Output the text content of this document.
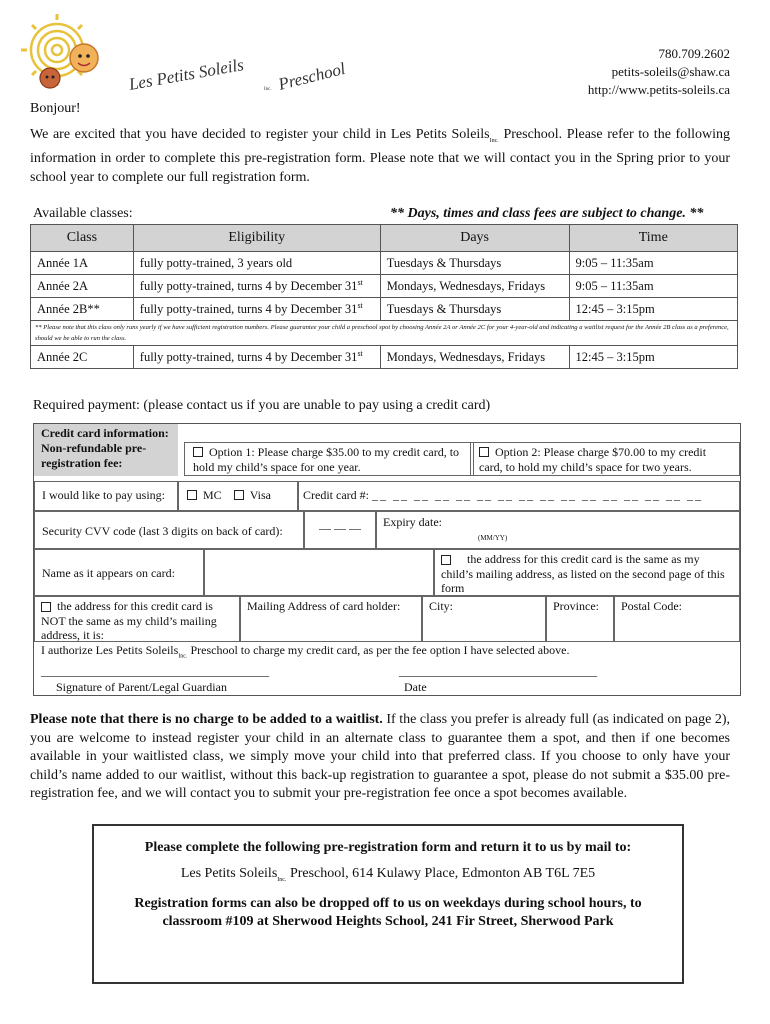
Les Petits Soleils	Inc. Preschool
780.709.2602
petits-soleils@shaw.ca
http://www.petits-soleils.ca
Bonjour!
We are excited that you have decided to register your child in Les Petits Soleils$_{Inc.}$ Preschool. Please refer to the following information in order to complete this pre-registration form. Please note that we will contact you in the Spring prior to your school year to complete our full registration form.
Available classes:	** Days, times and class fees are subject to change. **
Class	Eligibility	Days	Time
Année 1A	fully potty-trained, 3 years old	Tuesdays & Thursdays	9:05 – 11:35am
Année 2A	fully potty-trained, turns 4 by December 31st	Mondays, Wednesdays, Fridays	9:05 – 11:35am
Année 2B**	fully potty-trained, turns 4 by December 31st	Tuesdays & Thursdays	12:45 – 3:15pm
** Please note that this class only runs yearly if we have sufficient registration numbers. Please guarantee your child a preschool spot by choosing Année 2A or Année 2C for your 4-year-old and indicating a waitlist request for the Année 2B class as a preference, should we be able to run the class.			
Année 2C	fully potty-trained, turns 4 by December 31st	Mondays, Wednesdays, Fridays	12:45 – 3:15pm
Required payment: (please contact us if you are unable to pay using a credit card)
Credit card information:
Non-refundable pre-registration fee:
Option 1: Please charge $35.00 to my credit card, to hold my child’s space for one year.
Option 2: Please charge $70.00 to my credit card, to hold my child’s space for two years.
I would like to pay using:	MC Visa	Credit card #: __ __ __ __ __ __ __ __ __ __ __ __ __ __ __ __
Security CVV code (last 3 digits on back of card):	— — —	Expiry date:
(MM/YY)
Name as it appears on card:
the address for this credit card is the same as my child’s mailing address, as listed on the second page of this form
the address for this credit card is NOT the same as my child’s mailing address, it is:
Mailing Address of card holder:	City:	Province:	Postal Code:
I authorize Les Petits Soleils$_{Inc.}$ Preschool to charge my credit card, as per the fee option I have selected above.
______________________________________
Signature of Parent/Legal Guardian
_________________________________
Date
Please note that there is no charge to be added to a waitlist. If the class you prefer is already full (as indicated on page 2), you are welcome to instead register your child in an alternate class to guarantee them a spot, and then if one becomes available in your waitlisted class, we simply move your child into that preferred class. If you choose to only have your child’s name added to our waitlist, without this back-up registration to guarantee a spot, please do not submit a $35.00 pre-registration fee, and we will contact you to submit your pre-registration fee once a spot becomes available.
Please complete the following pre-registration form and return it to us by mail to:
Les Petits Soleils$_{Inc.}$ Preschool, 614 Kulawy Place, Edmonton AB T6L 7E5
Registration forms can also be dropped off to us on weekdays during school hours, to classroom #109 at Sherwood Heights School, 241 Fir Street, Sherwood Park
